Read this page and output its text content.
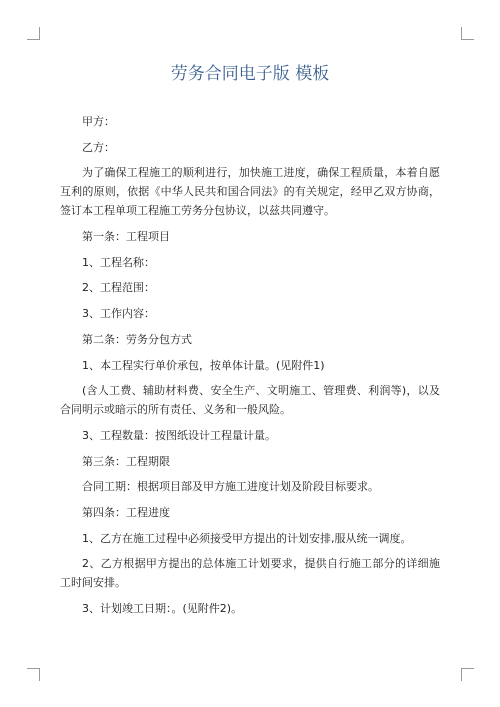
劳务合同电子版 模板

甲方：

乙方：

为了确保工程施工的顺利进行，加快施工进度，确保工程质量，本着自愿互利的原则，依据《中华人民共和国合同法》的有关规定，经甲乙双方协商，签订本工程单项工程施工劳务分包协议，以兹共同遵守。

第一条：工程项目

1、工程名称：

2、工程范围：

3、工作内容：

第二条：劳务分包方式

1、本工程实行单价承包，按单体计量。(见附件1)

(含人工费、辅助材料费、安全生产、文明施工、管理费、利润等)，以及合同明示或暗示的所有责任、义务和一般风险。

3、工程数量：按图纸设计工程量计量。

第三条：工程期限

合同工期：根据项目部及甲方施工进度计划及阶段目标要求。

第四条：工程进度

1、乙方在施工过程中必须接受甲方提出的计划安排,服从统一调度。

2、乙方根据甲方提出的总体施工计划要求，提供自行施工部分的详细施工时间安排。

3、计划竣工日期：。(见附件2)。
